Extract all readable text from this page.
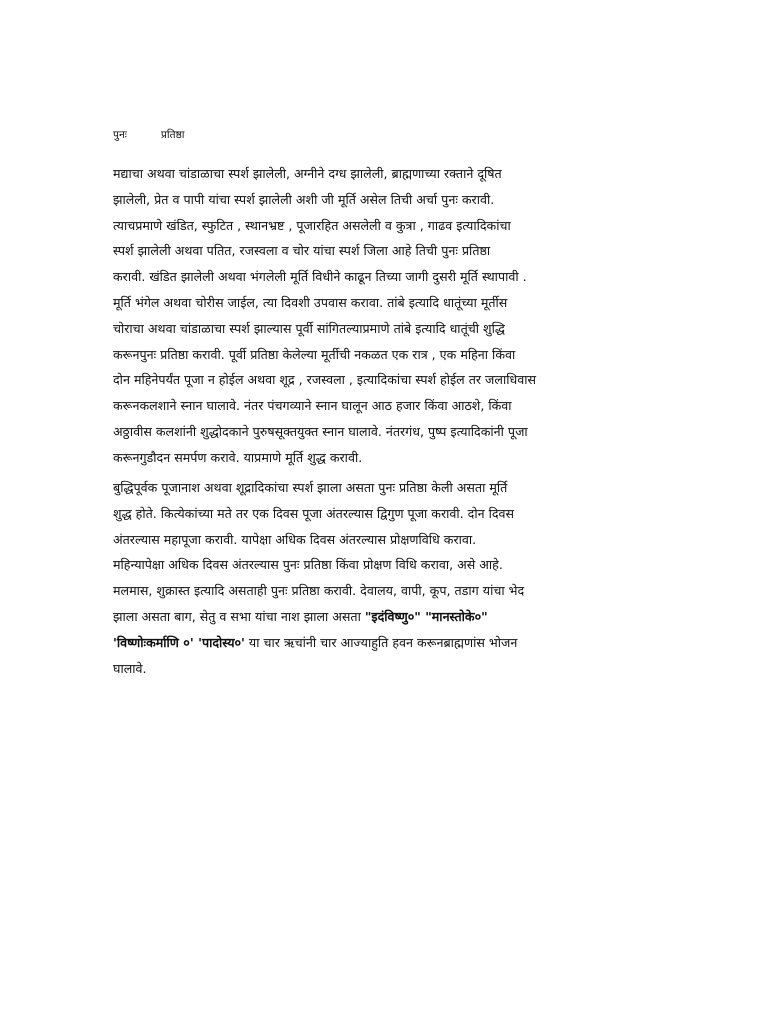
पुनः	प्रतिष्ठा

मद्याचा अथवा चांडाळाचा स्पर्श झालेली, अग्नीने दग्ध झालेली, ब्राह्मणाच्या रक्ताने दूषित
झालेली, प्रेत व पापी यांचा स्पर्श झालेली अशी जी मूर्ति असेल तिची अर्चा पुनः करावी.
त्याचप्रमाणे खंडित, स्फुटित , स्थानभ्रष्ट , पूजारहित असलेली व कुत्रा , गाढव इत्यादिकांचा
स्पर्श झालेली अथवा पतित, रजस्वला व चोर यांचा स्पर्श जिला आहे तिची पुनः प्रतिष्ठा
करावी. खंडित झालेली अथवा भंगलेली मूर्ति विधीने काढून तिच्या जागी दुसरी मूर्ति स्थापावी .
मूर्ति भंगेल अथवा चोरीस जाईल, त्या दिवशी उपवास करावा. तांबे इत्यादि धातूंच्या मूर्तीस
चोराचा अथवा चांडाळाचा स्पर्श झाल्यास पूर्वी सांगितल्याप्रमाणे तांबे इत्यादि धातूंची शुद्धि
करूनपुनः प्रतिष्ठा करावी. पूर्वी प्रतिष्ठा केलेल्या मूर्तीची नकळत एक रात्र , एक महिना किंवा
दोन महिनेपर्यंत पूजा न होईल अथवा शूद्र , रजस्वला , इत्यादिकांचा स्पर्श होईल तर जलाधिवास
करूनकलशाने स्नान घालावे. नंतर पंचगव्याने स्नान घालून आठ हजार किंवा आठशे, किंवा
अठ्ठावीस कलशांनी शुद्धोदकाने पुरुषसूक्तयुक्त स्नान घालावे. नंतरगंध, पुष्प इत्यादिकांनी पूजा
करूनगुडौदन समर्पण करावे. याप्रमाणे मूर्ति शुद्ध करावी.

बुद्धिपूर्वक पूजानाश अथवा शूद्रादिकांचा स्पर्श झाला असता पुनः प्रतिष्ठा केली असता मूर्ति
शुद्ध होते. कित्येकांच्या मते तर एक दिवस पूजा अंतरल्यास द्विगुण पूजा करावी. दोन दिवस
अंतरल्यास महापूजा करावी. यापेक्षा अधिक दिवस अंतरल्यास प्रोक्षणविधि करावा.
महिन्यापेक्षा अधिक दिवस अंतरल्यास पुनः प्रतिष्ठा किंवा प्रोक्षण विधि करावा, असे आहे.
मलमास, शुक्रास्त इत्यादि असताही पुनः प्रतिष्ठा करावी. देवालय, वापी, कूप, तडाग यांचा भेद
झाला असता बाग, सेतु व सभा यांचा नाश झाला असता "इदंविष्णु०" "मानस्तोके०"
'विष्णोःकर्माणि ०' 'पादोस्य०' या चार ऋचांनी चार आज्याहुति हवन करूनब्राह्मणांस भोजन
घालावे.
